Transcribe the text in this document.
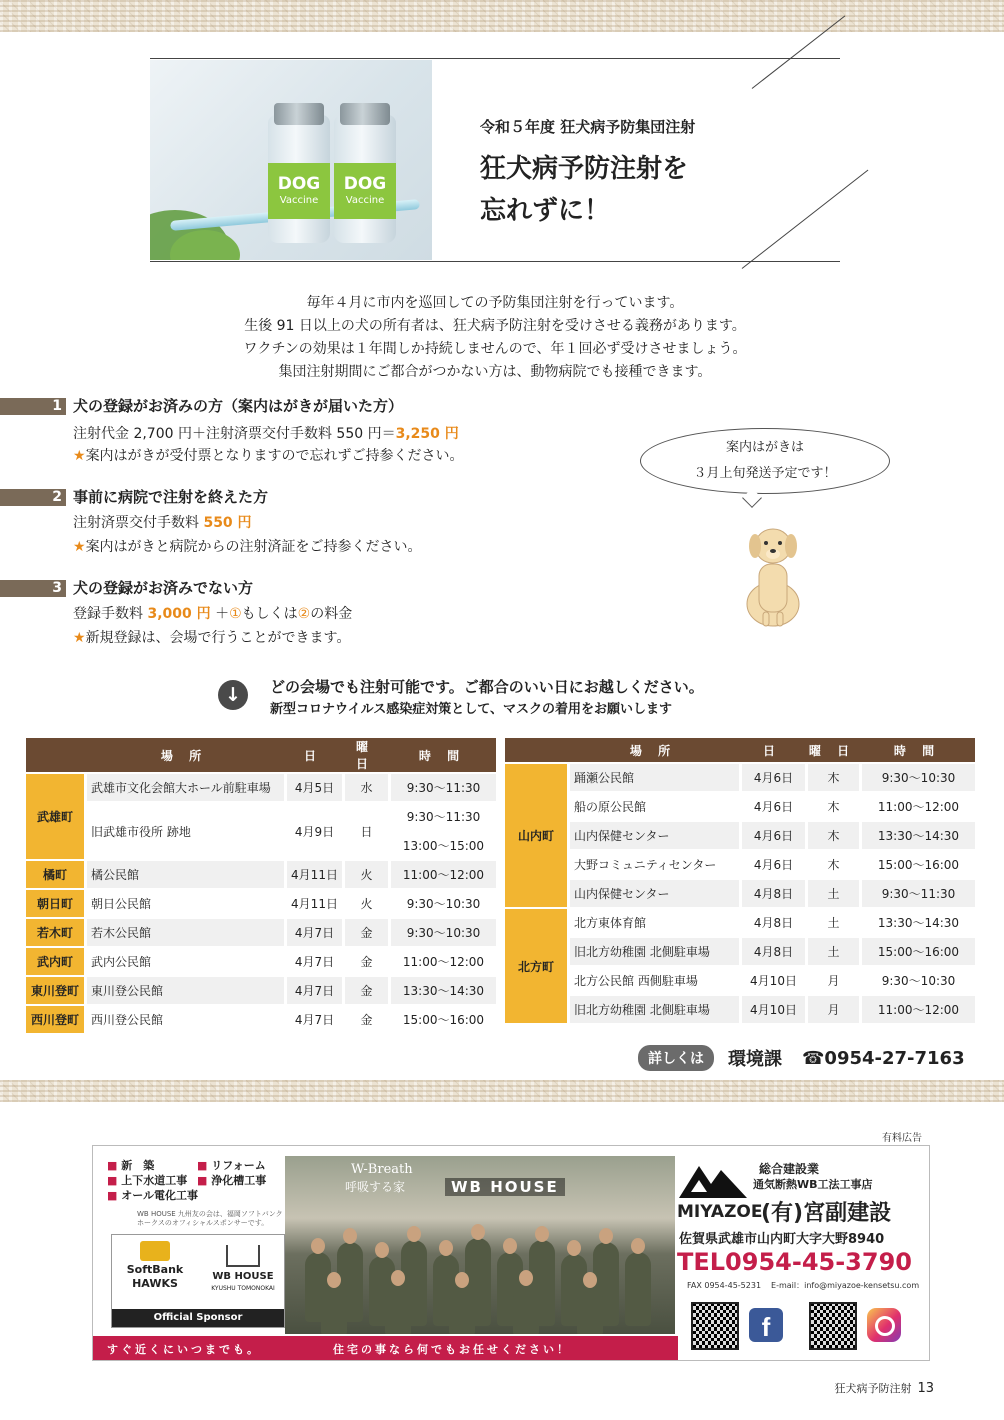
DOG
Vaccine
DOG
Vaccine
令和５年度 狂犬病予防集団注射
狂犬病予防注射を
忘れずに！
毎年４月に市内を巡回しての予防集団注射を行っています。
生後 91 日以上の犬の所有者は、狂犬病予防注射を受けさせる義務があります。
ワクチンの効果は１年間しか持続しませんので、年１回必ず受けさせましょう。
集団注射期間にご都合がつかない方は、動物病院でも接種できます。
1 犬の登録がお済みの方（案内はがきが届いた方）
注射代金 2,700 円＋注射済票交付手数料 550 円＝3,250 円
★案内はがきが受付票となりますので忘れずご持参ください。
2 事前に病院で注射を終えた方
注射済票交付手数料 550 円
★案内はがきと病院からの注射済証をご持参ください。
3 犬の登録がお済みでない方
登録手数料 3,000 円 ＋①もしくは②の料金
★新規登録は、会場で行うことができます。
案内はがきは
３月上旬発送予定です！
↓	どの会場でも注射可能です。ご都合のいい日にお越しください。
新型コロナウイルス感染症対策として、マスクの着用をお願いします
	場 所	日	曜 日	時 間
武雄町	武雄市文化会館大ホール前駐車場	4月5日	水	9:30～11:30
	旧武雄市役所 跡地	4月9日	日	9:30～11:30
				13:00～15:00
橘町	橘公民館	4月11日	火	11:00～12:00
朝日町	朝日公民館	4月11日	火	9:30～10:30
若木町	若木公民館	4月7日	金	9:30～10:30
武内町	武内公民館	4月7日	金	11:00～12:00
東川登町	東川登公民館	4月7日	金	13:30～14:30
西川登町	西川登公民館	4月7日	金	15:00～16:00
	場 所	日	曜 日	時 間
山内町	踊瀬公民館	4月6日	木	9:30～10:30
	船の原公民館	4月6日	木	11:00～12:00
	山内保健センター	4月6日	木	13:30～14:30
	大野コミュニティセンター	4月6日	木	15:00～16:00
	山内保健センター	4月8日	土	9:30～11:30
北方町	北方東体育館	4月8日	土	13:30～14:30
	旧北方幼稚園 北側駐車場	4月8日	土	15:00～16:00
	北方公民館 西側駐車場	4月10日	月	9:30～10:30
	旧北方幼稚園 北側駐車場	4月10日	月	11:00～12:00
詳しくは	環境課 ☎0954-27-7163
有料広告
■ 新　築	■ リフォーム■ 上下水道工事 ■ 浄化槽工事■ オール電化工事
WB HOUSE 九州友の会は、福岡ソフトバンクホークスのオフィシャルスポンサーです。
SoftBank
HAWKS
WB HOUSE
KYUSHU TOMONOKAI
Official Sponsor
W-Breath
呼吸する家	WB HOUSE
総合建設業
通気断熱WB工法工事店
MIYAZOE
(有)宮副建設
佐賀県武雄市山内町大字大野8940
TEL0954-45-3790
FAX 0954-45-5231 E-mail：info@miyazoe-kensetsu.com
f
すぐ近くにいつまでも。	住宅の事なら何でもお任せください！
狂犬病予防注射 13
